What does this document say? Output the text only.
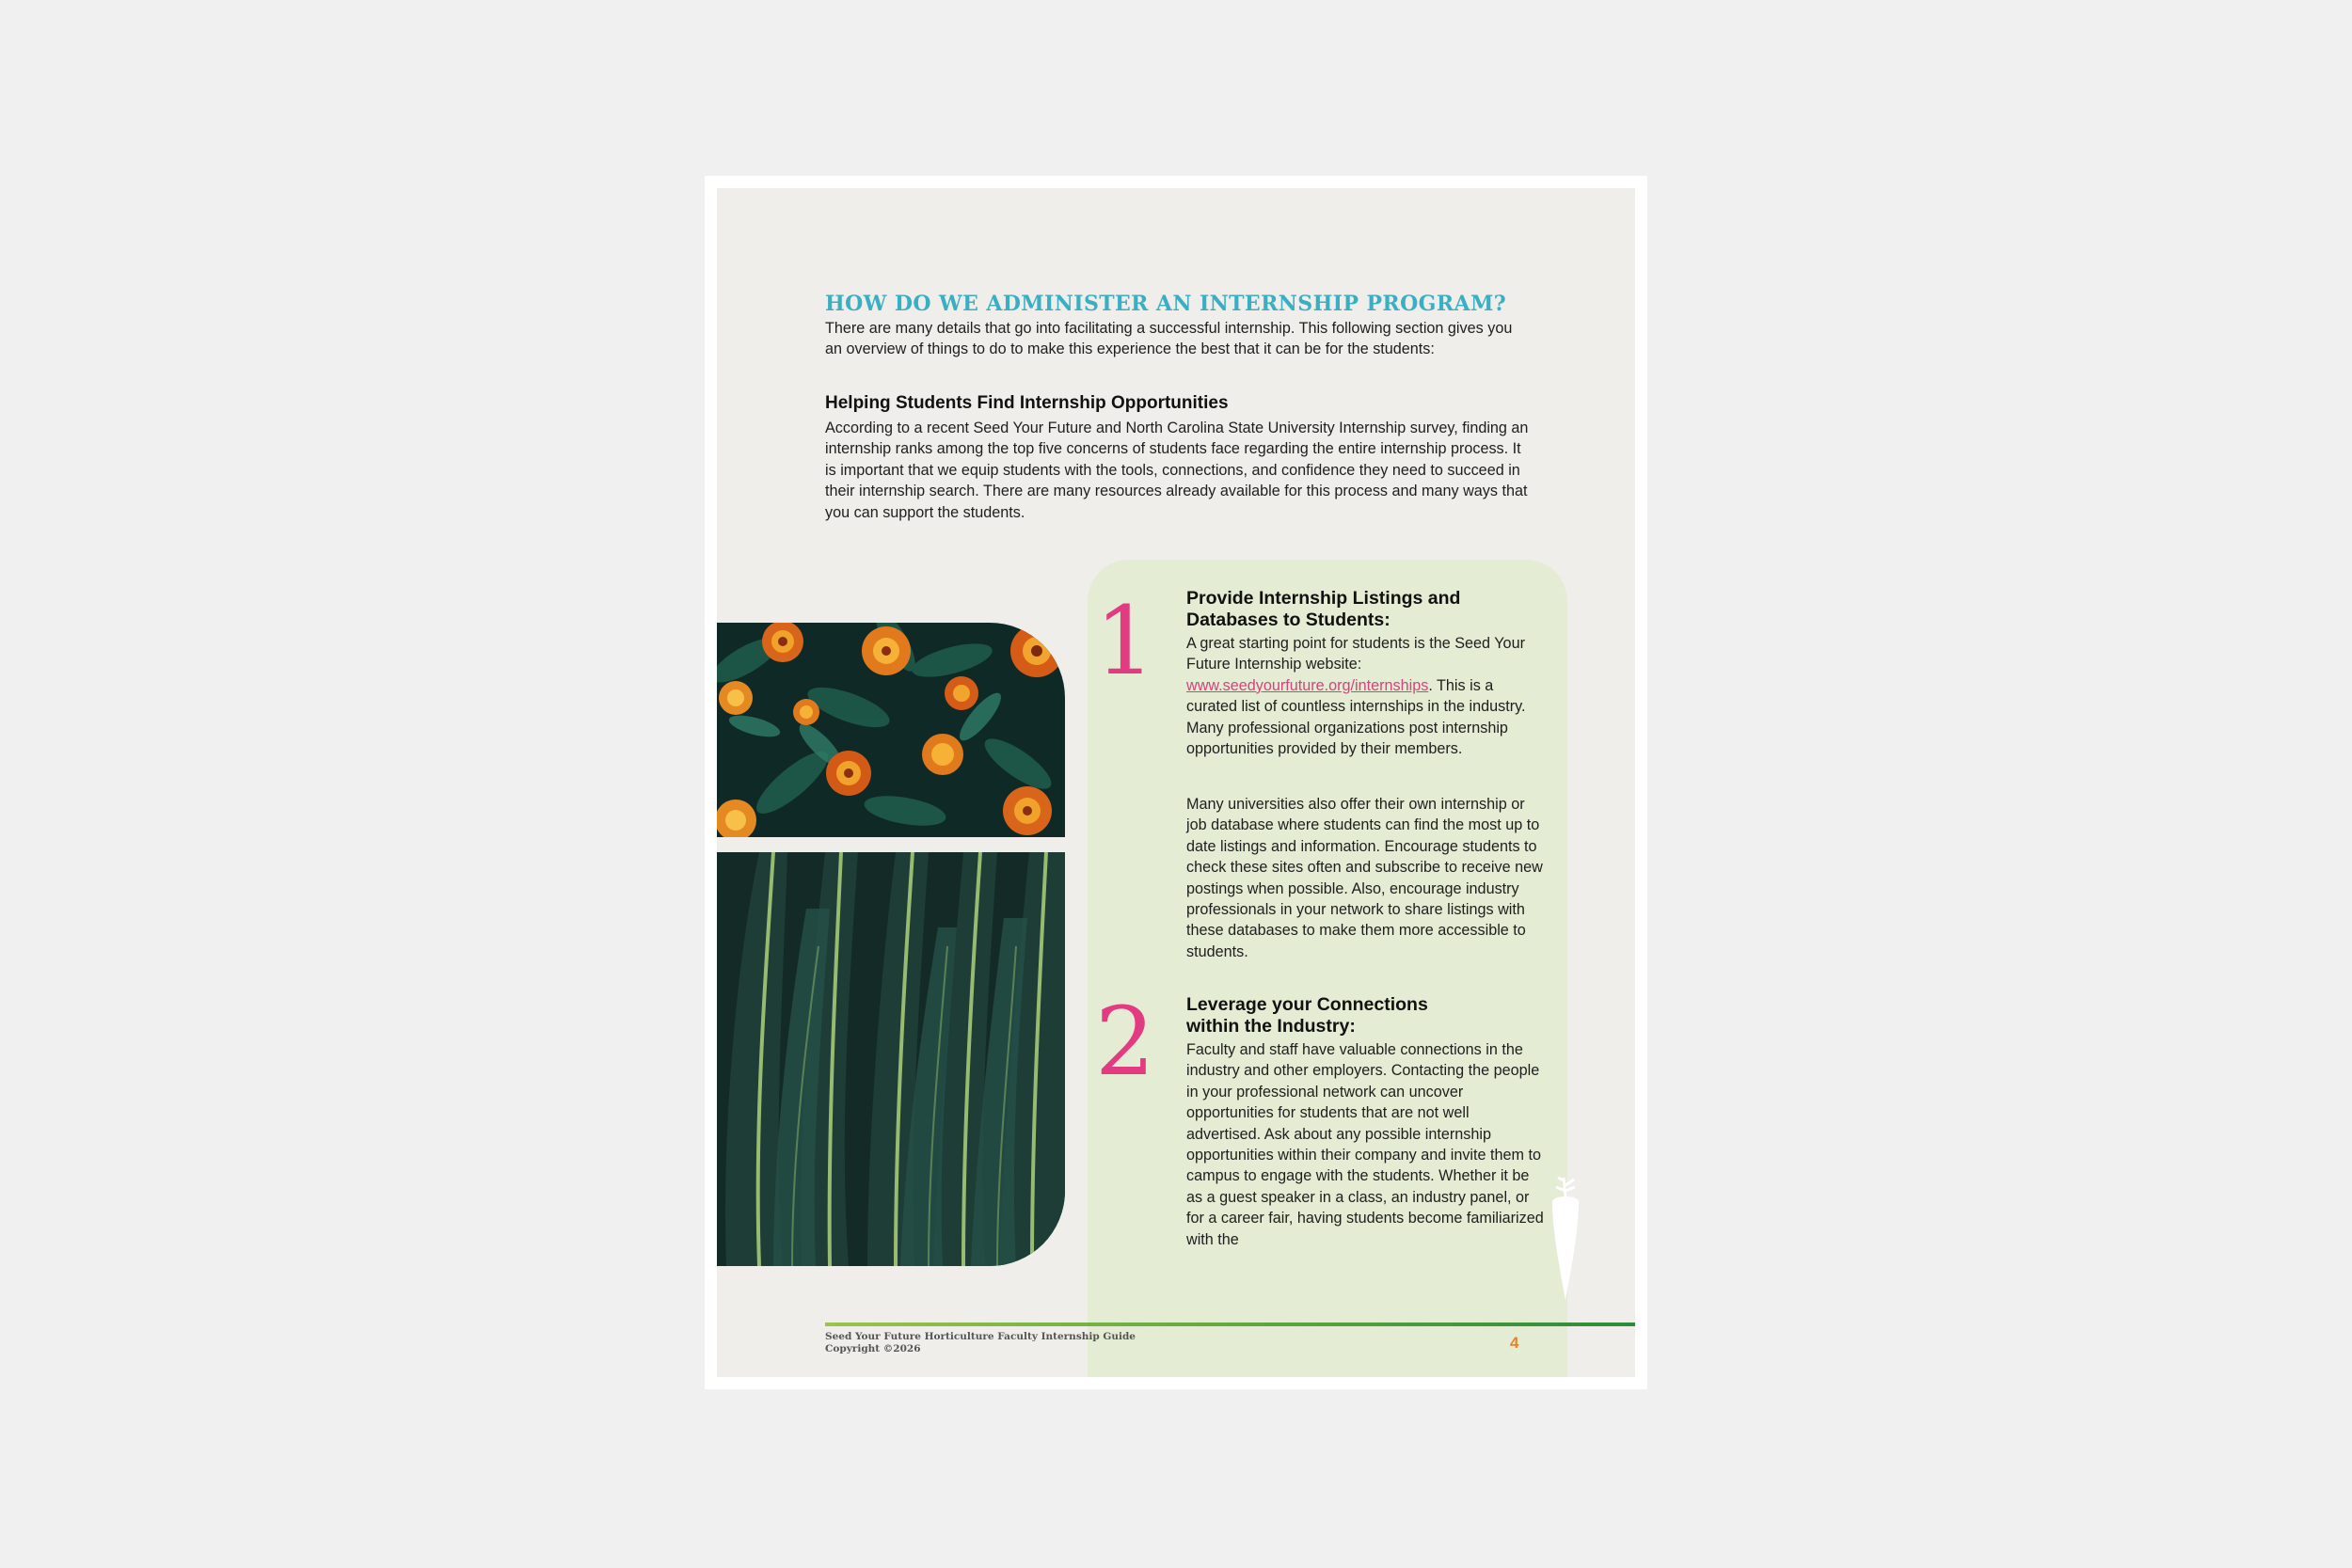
HOW DO WE ADMINISTER AN INTERNSHIP PROGRAM?

There are many details that go into facilitating a successful internship. This following section gives you an overview of things to do to make this experience the best that it can be for the students:

Helping Students Find Internship Opportunities

According to a recent Seed Your Future and North Carolina State University Internship survey, finding an internship ranks among the top five concerns of students face regarding the entire internship process. It is important that we equip students with the tools, connections, and confidence they need to succeed in their internship search. There are many resources already available for this process and many ways that you can support the students.

1 Provide Internship Listings and Databases to Students:

A great starting point for students is the Seed Your Future Internship website: www.seedyourfuture.org/internships. This is a curated list of countless internships in the industry. Many professional organizations post internship opportunities provided by their members.

Many universities also offer their own internship or job database where students can find the most up to date listings and information. Encourage students to check these sites often and subscribe to receive new postings when possible. Also, encourage industry professionals in your network to share listings with these databases to make them more accessible to students.

2 Leverage your Connections within the Industry:

Faculty and staff have valuable connections in the industry and other employers. Contacting the people in your professional network can uncover opportunities for students that are not well advertised. Ask about any possible internship opportunities within their company and invite them to campus to engage with the students. Whether it be as a guest speaker in a class, an industry panel, or for a career fair, having students become familiarized with the

Seed Your Future Horticulture Faculty Internship Guide

Copyright ©2026	4
